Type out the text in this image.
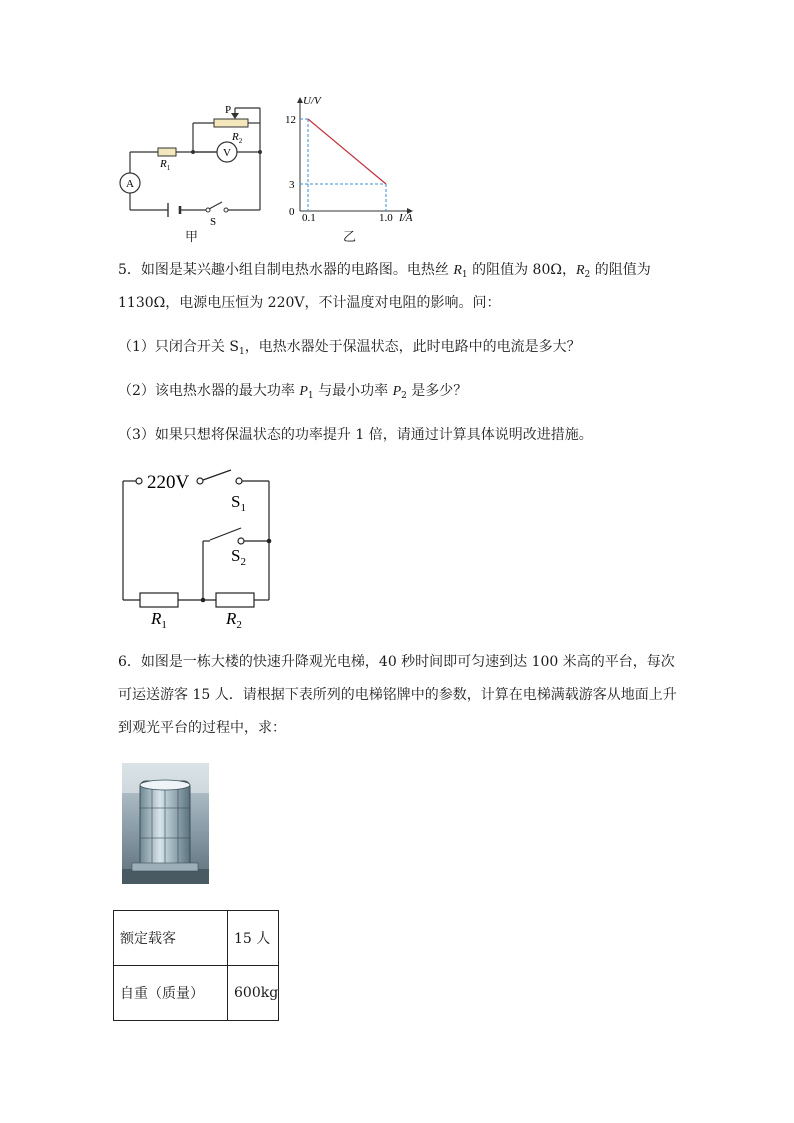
P
$R_2$
$R_1$
V
A
S
甲
U/V
12
3
0 0.1	1.0 I/A
乙
5．如图是某兴趣小组自制电热水器的电路图。电热丝 $R_1$ 的阻值为 80Ω，$R_2$ 的阻值为
1130Ω，电源电压恒为 220V，不计温度对电阻的影响。问：
（1）只闭合开关 $S_1$，电热水器处于保温状态，此时电路中的电流是多大？
（2）该电热水器的最大功率 $P_1$ 与最小功率 $P_2$ 是多少？
（3）如果只想将保温状态的功率提升 1 倍，请通过计算具体说明改进措施。
220V
$S_1$
$S_2$
$R_1$	$R_2$
6．如图是一栋大楼的快速升降观光电梯，40 秒时间即可匀速到达 100 米高的平台，每次
可运送游客 15 人．请根据下表所列的电梯铭牌中的参数，计算在电梯满载游客从地面上升
到观光平台的过程中，求：
额定载客	15 人
自重（质量）	600kg
